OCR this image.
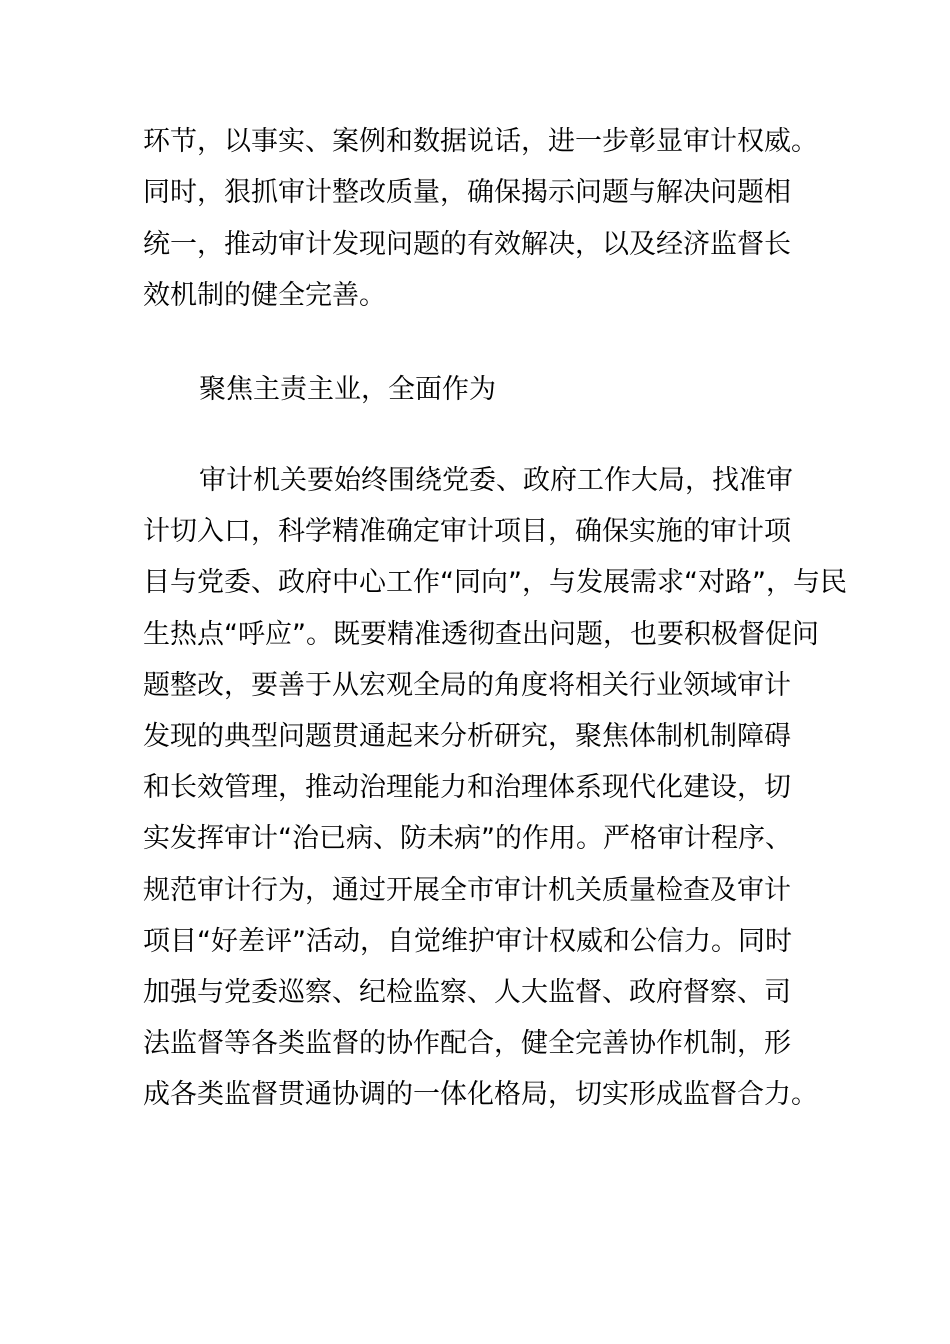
环节，以事实、案例和数据说话，进一步彰显审计权威。
同时，狠抓审计整改质量，确保揭示问题与解决问题相
统一，推动审计发现问题的有效解决，以及经济监督长
效机制的健全完善。
聚焦主责主业，全面作为
审计机关要始终围绕党委、政府工作大局，找准审
计切入口，科学精准确定审计项目，确保实施的审计项
目与党委、政府中心工作“同向”，与发展需求“对路”，与民
生热点“呼应”。既要精准透彻查出问题，也要积极督促问
题整改，要善于从宏观全局的角度将相关行业领域审计
发现的典型问题贯通起来分析研究，聚焦体制机制障碍
和长效管理，推动治理能力和治理体系现代化建设，切
实发挥审计“治已病、防未病”的作用。严格审计程序、
规范审计行为，通过开展全市审计机关质量检查及审计
项目“好差评”活动，自觉维护审计权威和公信力。同时
加强与党委巡察、纪检监察、人大监督、政府督察、司
法监督等各类监督的协作配合，健全完善协作机制，形
成各类监督贯通协调的一体化格局，切实形成监督合力。
